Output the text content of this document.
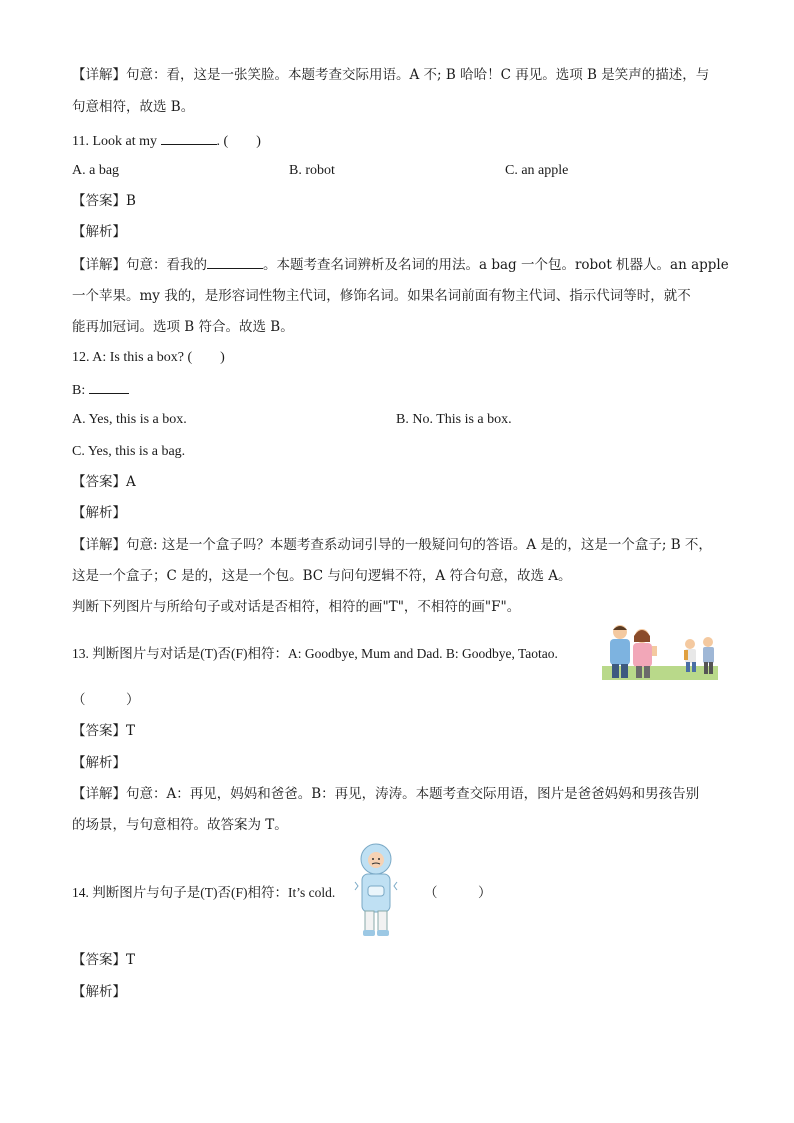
【详解】句意：看，这是一张笑脸。本题考查交际用语。A 不; B 哈哈！C 再见。选项 B 是笑声的描述，与
句意相符，故选 B。
11. Look at my	. (　　)
A. a bag	B. robot	C. an apple
【答案】B
【解析】
【详解】句意：看我的	。本题考查名词辨析及名词的用法。a bag 一个包。robot 机器人。an apple
一个苹果。my 我的，是形容词性物主代词，修饰名词。如果名词前面有物主代词、指示代词等时，就不
能再加冠词。选项 B 符合。故选 B。
12. A: Is this a box? (　　)
B:
A. Yes, this is a box.	B. No. This is a box.
C. Yes, this is a bag.
【答案】A
【解析】
【详解】句意: 这是一个盒子吗？本题考查系动词引导的一般疑问句的答语。A 是的，这是一个盒子; B 不，
这是一个盒子；C 是的，这是一个包。BC 与问句逻辑不符，A 符合句意，故选 A。
判断下列图片与所给句子或对话是否相符，相符的画"T"，不相符的画"F"。
13. 判断图片与对话是(T)否(F)相符：A: Goodbye, Mum and Dad. B: Goodbye, Taotao.
（　　　）
【答案】T
【解析】
【详解】句意：A：再见，妈妈和爸爸。B：再见，涛涛。本题考查交际用语，图片是爸爸妈妈和男孩告别
的场景，与句意相符。故答案为 T。
14. 判断图片与句子是(T)否(F)相符：It’s cold.	（　　　）
【答案】T
【解析】
